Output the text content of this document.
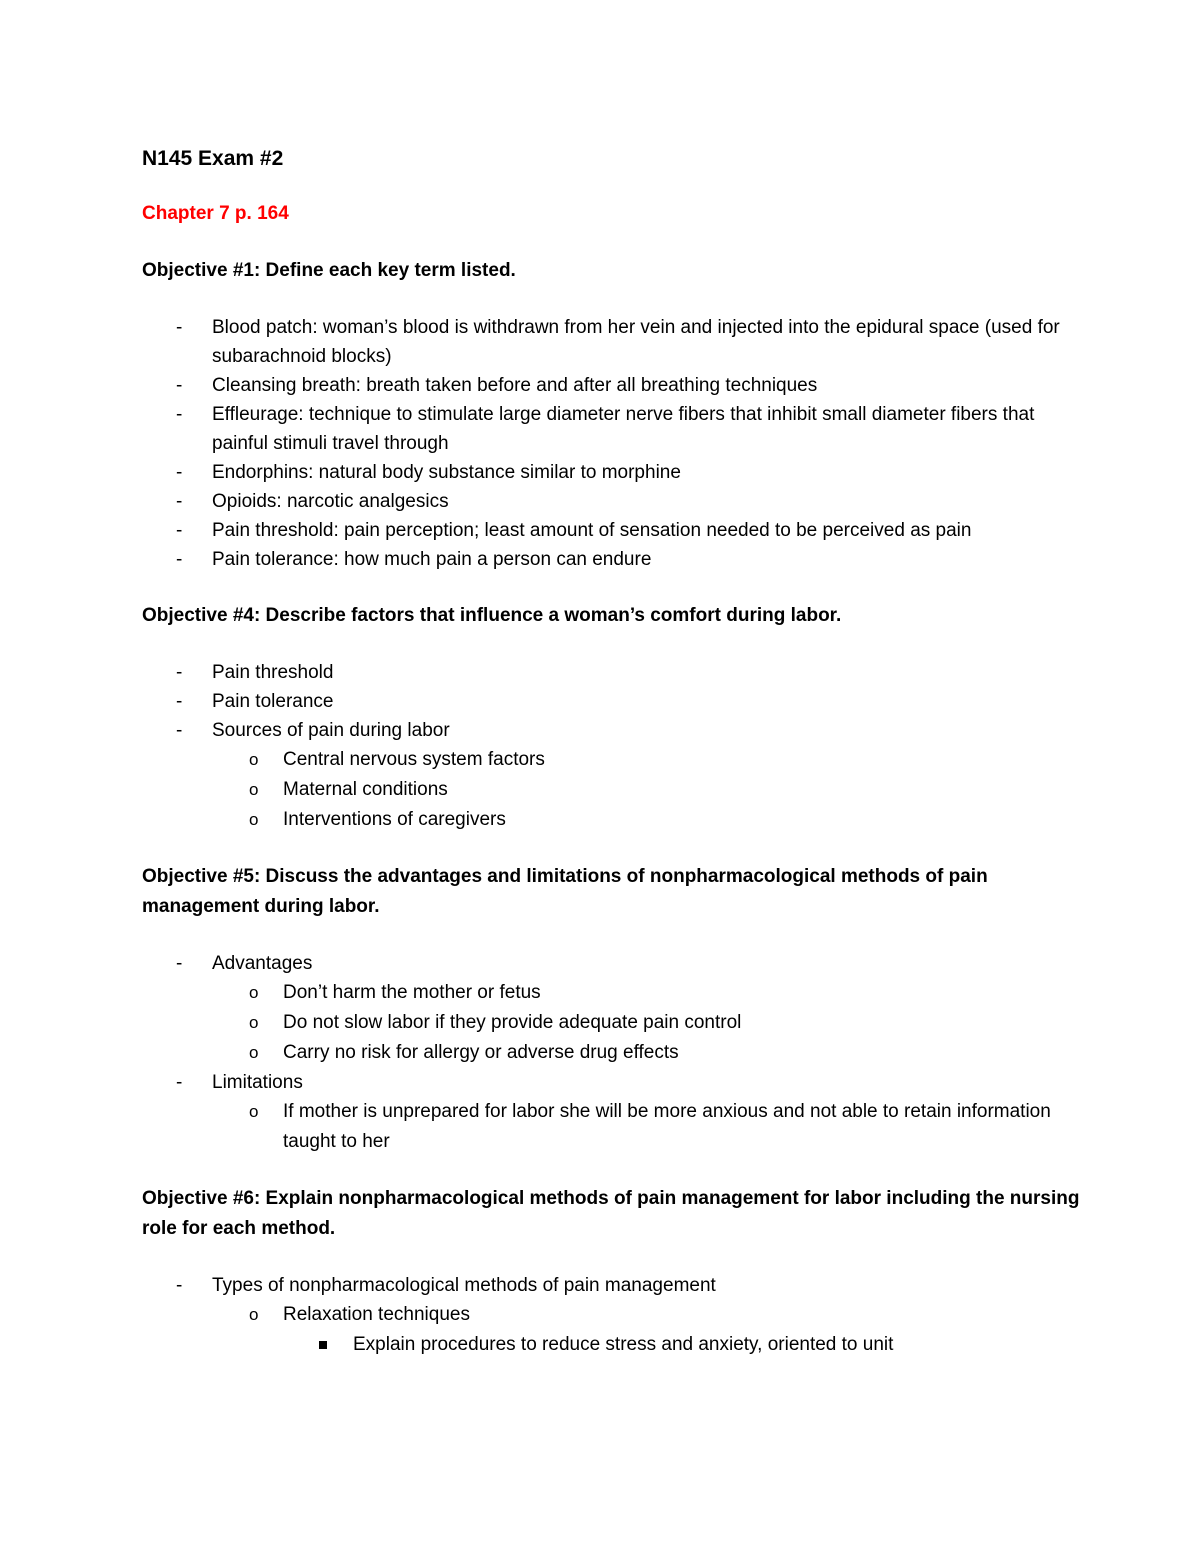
N145 Exam #2
Chapter 7 p. 164
Objective #1: Define each key term listed.
- Blood patch: woman’s blood is withdrawn from her vein and injected into the epidural space (used for subarachnoid blocks)
- Cleansing breath: breath taken before and after all breathing techniques
- Effleurage: technique to stimulate large diameter nerve fibers that inhibit small diameter fibers that painful stimuli travel through
- Endorphins: natural body substance similar to morphine
- Opioids: narcotic analgesics
- Pain threshold: pain perception; least amount of sensation needed to be perceived as pain
- Pain tolerance: how much pain a person can endure
Objective #4: Describe factors that influence a woman’s comfort during labor.
- Pain threshold
- Pain tolerance
- Sources of pain during labor
o Central nervous system factors
o Maternal conditions
o Interventions of caregivers
Objective #5: Discuss the advantages and limitations of nonpharmacological methods of pain management during labor.
- Advantages
o Don’t harm the mother or fetus
o Do not slow labor if they provide adequate pain control
o Carry no risk for allergy or adverse drug effects
- Limitations
o If mother is unprepared for labor she will be more anxious and not able to retain information taught to her
Objective #6: Explain nonpharmacological methods of pain management for labor including the nursing role for each method.
- Types of nonpharmacological methods of pain management
o Relaxation techniques
Explain procedures to reduce stress and anxiety, oriented to unit
